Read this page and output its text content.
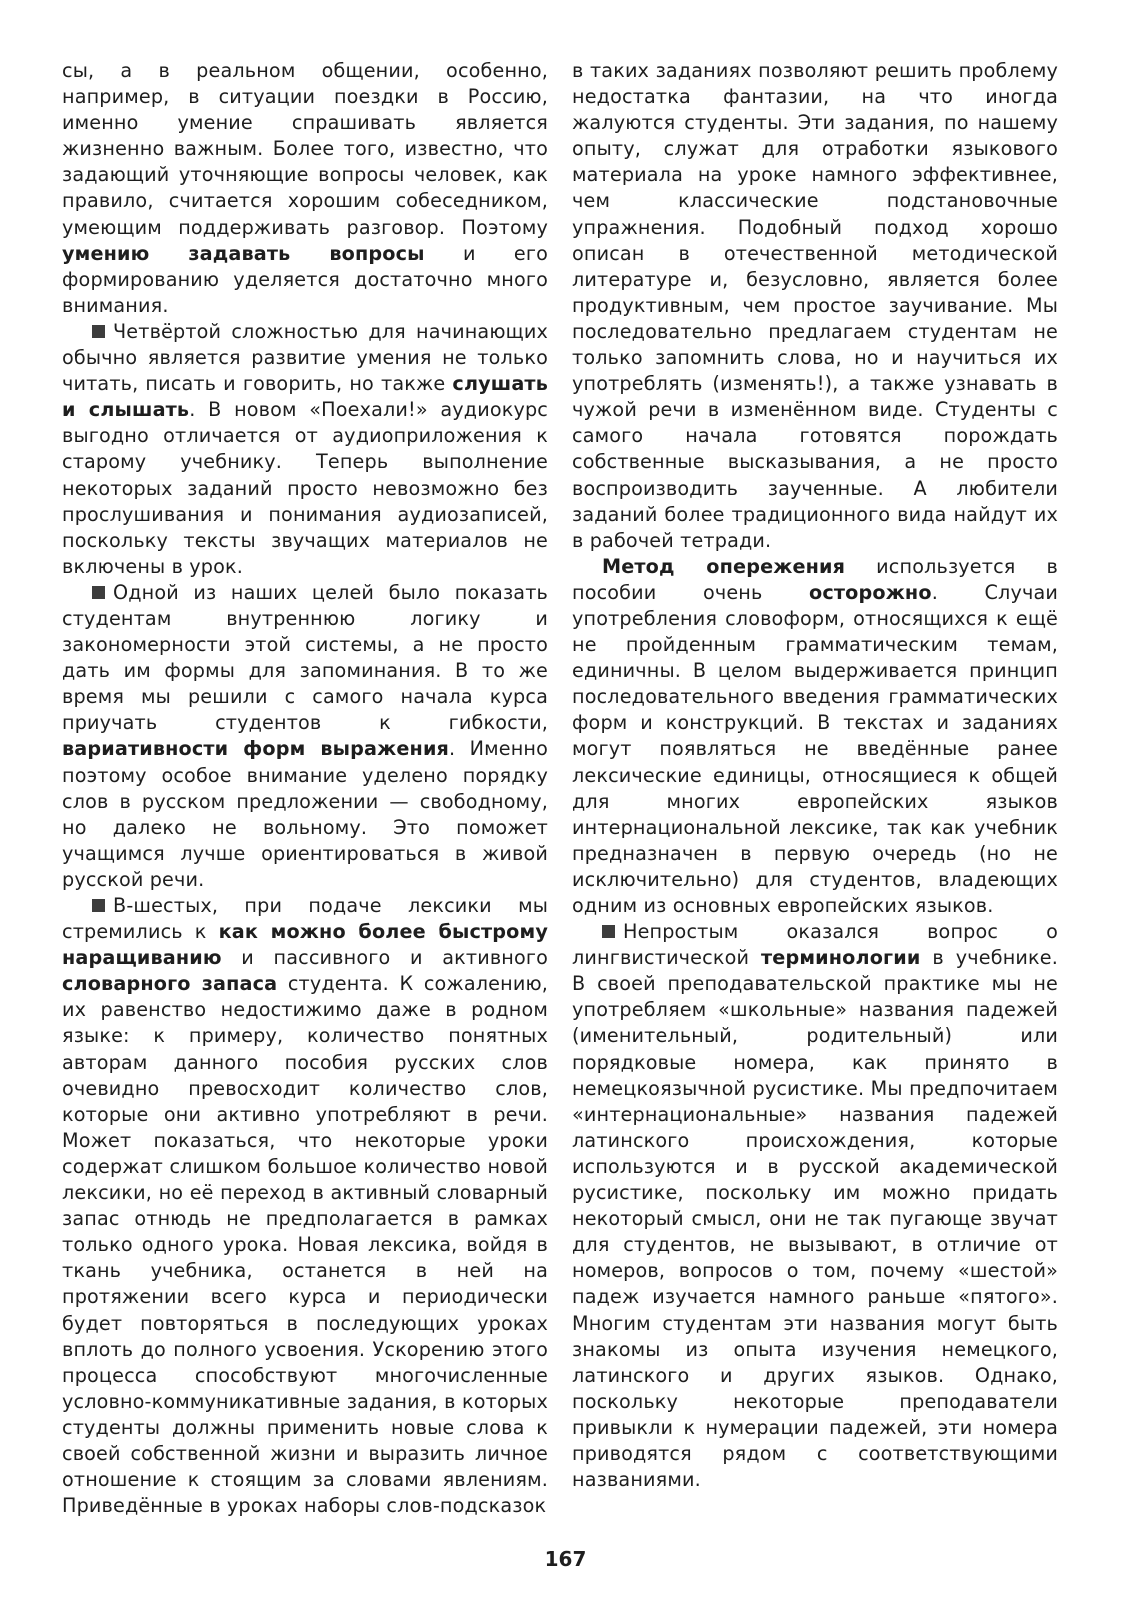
сы, а в реальном общении, особенно, например, в ситуации поездки в Россию, именно умение спрашивать является жизненно важным. Более того, известно, что задающий уточняющие вопросы человек, как правило, считается хорошим собеседником, умеющим поддерживать разговор. Поэтому умению задавать вопросы и его формированию уделяется достаточно много внимания.

Четвёртой сложностью для начинающих обычно является развитие умения не только читать, писать и говорить, но также слушать и слышать. В новом «Поехали!» аудиокурс выгодно отличается от аудиоприложения к старому учебнику. Теперь выполнение некоторых заданий просто невозможно без прослушивания и понимания аудиозаписей, поскольку тексты звучащих материалов не включены в урок.

Одной из наших целей было показать студентам внутреннюю логику и закономерности этой системы, а не просто дать им формы для запоминания. В то же время мы решили с самого начала курса приучать студентов к гибкости, вариативности форм выражения. Именно поэтому особое внимание уделено порядку слов в русском предложении — свободному, но далеко не вольному. Это поможет учащимся лучше ориентироваться в живой русской речи.

В-шестых, при подаче лексики мы стремились к как можно более быстрому наращиванию и пассивного и активного словарного запаса студента. К сожалению, их равенство недостижимо даже в родном языке: к примеру, количество понятных авторам данного пособия русских слов очевидно превосходит количество слов, которые они активно употребляют в речи. Может показаться, что некоторые уроки содержат слишком большое количество новой лексики, но её переход в активный словарный запас отнюдь не предполагается в рамках только одного урока. Новая лексика, войдя в ткань учебника, останется в ней на протяжении всего курса и периодически будет повторяться в последующих уроках вплоть до полного усвоения. Ускорению этого процесса способствуют многочисленные условно-коммуникативные задания, в которых студенты должны применить новые слова к своей собственной жизни и выразить личное отношение к стоящим за словами явлениям. Приведённые в уроках наборы слов-подсказок

в таких заданиях позволяют решить проблему недостатка фантазии, на что иногда жалуются студенты. Эти задания, по нашему опыту, служат для отработки языкового материала на уроке намного эффективнее, чем классические подстановочные упражнения. Подобный подход хорошо описан в отечественной методической литературе и, безусловно, является более продуктивным, чем простое заучивание. Мы последовательно предлагаем студентам не только запомнить слова, но и научиться их употреблять (изменять!), а также узнавать в чужой речи в изменённом виде. Студенты с самого начала готовятся порождать собственные высказывания, а не просто воспроизводить заученные. А любители заданий более традиционного вида найдут их в рабочей тетради.

Метод опережения используется в пособии очень осторожно. Случаи употребления словоформ, относящихся к ещё не пройденным грамматическим темам, единичны. В целом выдерживается принцип последовательного введения грамматических форм и конструкций. В текстах и заданиях могут появляться не введённые ранее лексические единицы, относящиеся к общей для многих европейских языков интернациональной лексике, так как учебник предназначен в первую очередь (но не исключительно) для студентов, владеющих одним из основных европейских языков.

Непростым оказался вопрос о лингвистической терминологии в учебнике. В своей преподавательской практике мы не употребляем «школьные» названия падежей (именительный, родительный) или порядковые номера, как принято в немецкоязычной русистике. Мы предпочитаем «интернациональные» названия падежей латинского происхождения, которые используются и в русской академической русистике, поскольку им можно придать некоторый смысл, они не так пугающе звучат для студентов, не вызывают, в отличие от номеров, вопросов о том, почему «шестой» падеж изучается намного раньше «пятого». Многим студентам эти названия могут быть знакомы из опыта изучения немецкого, латинского и других языков. Однако, поскольку некоторые преподаватели привыкли к нумерации падежей, эти номера приводятся рядом с соответствующими названиями.

167
